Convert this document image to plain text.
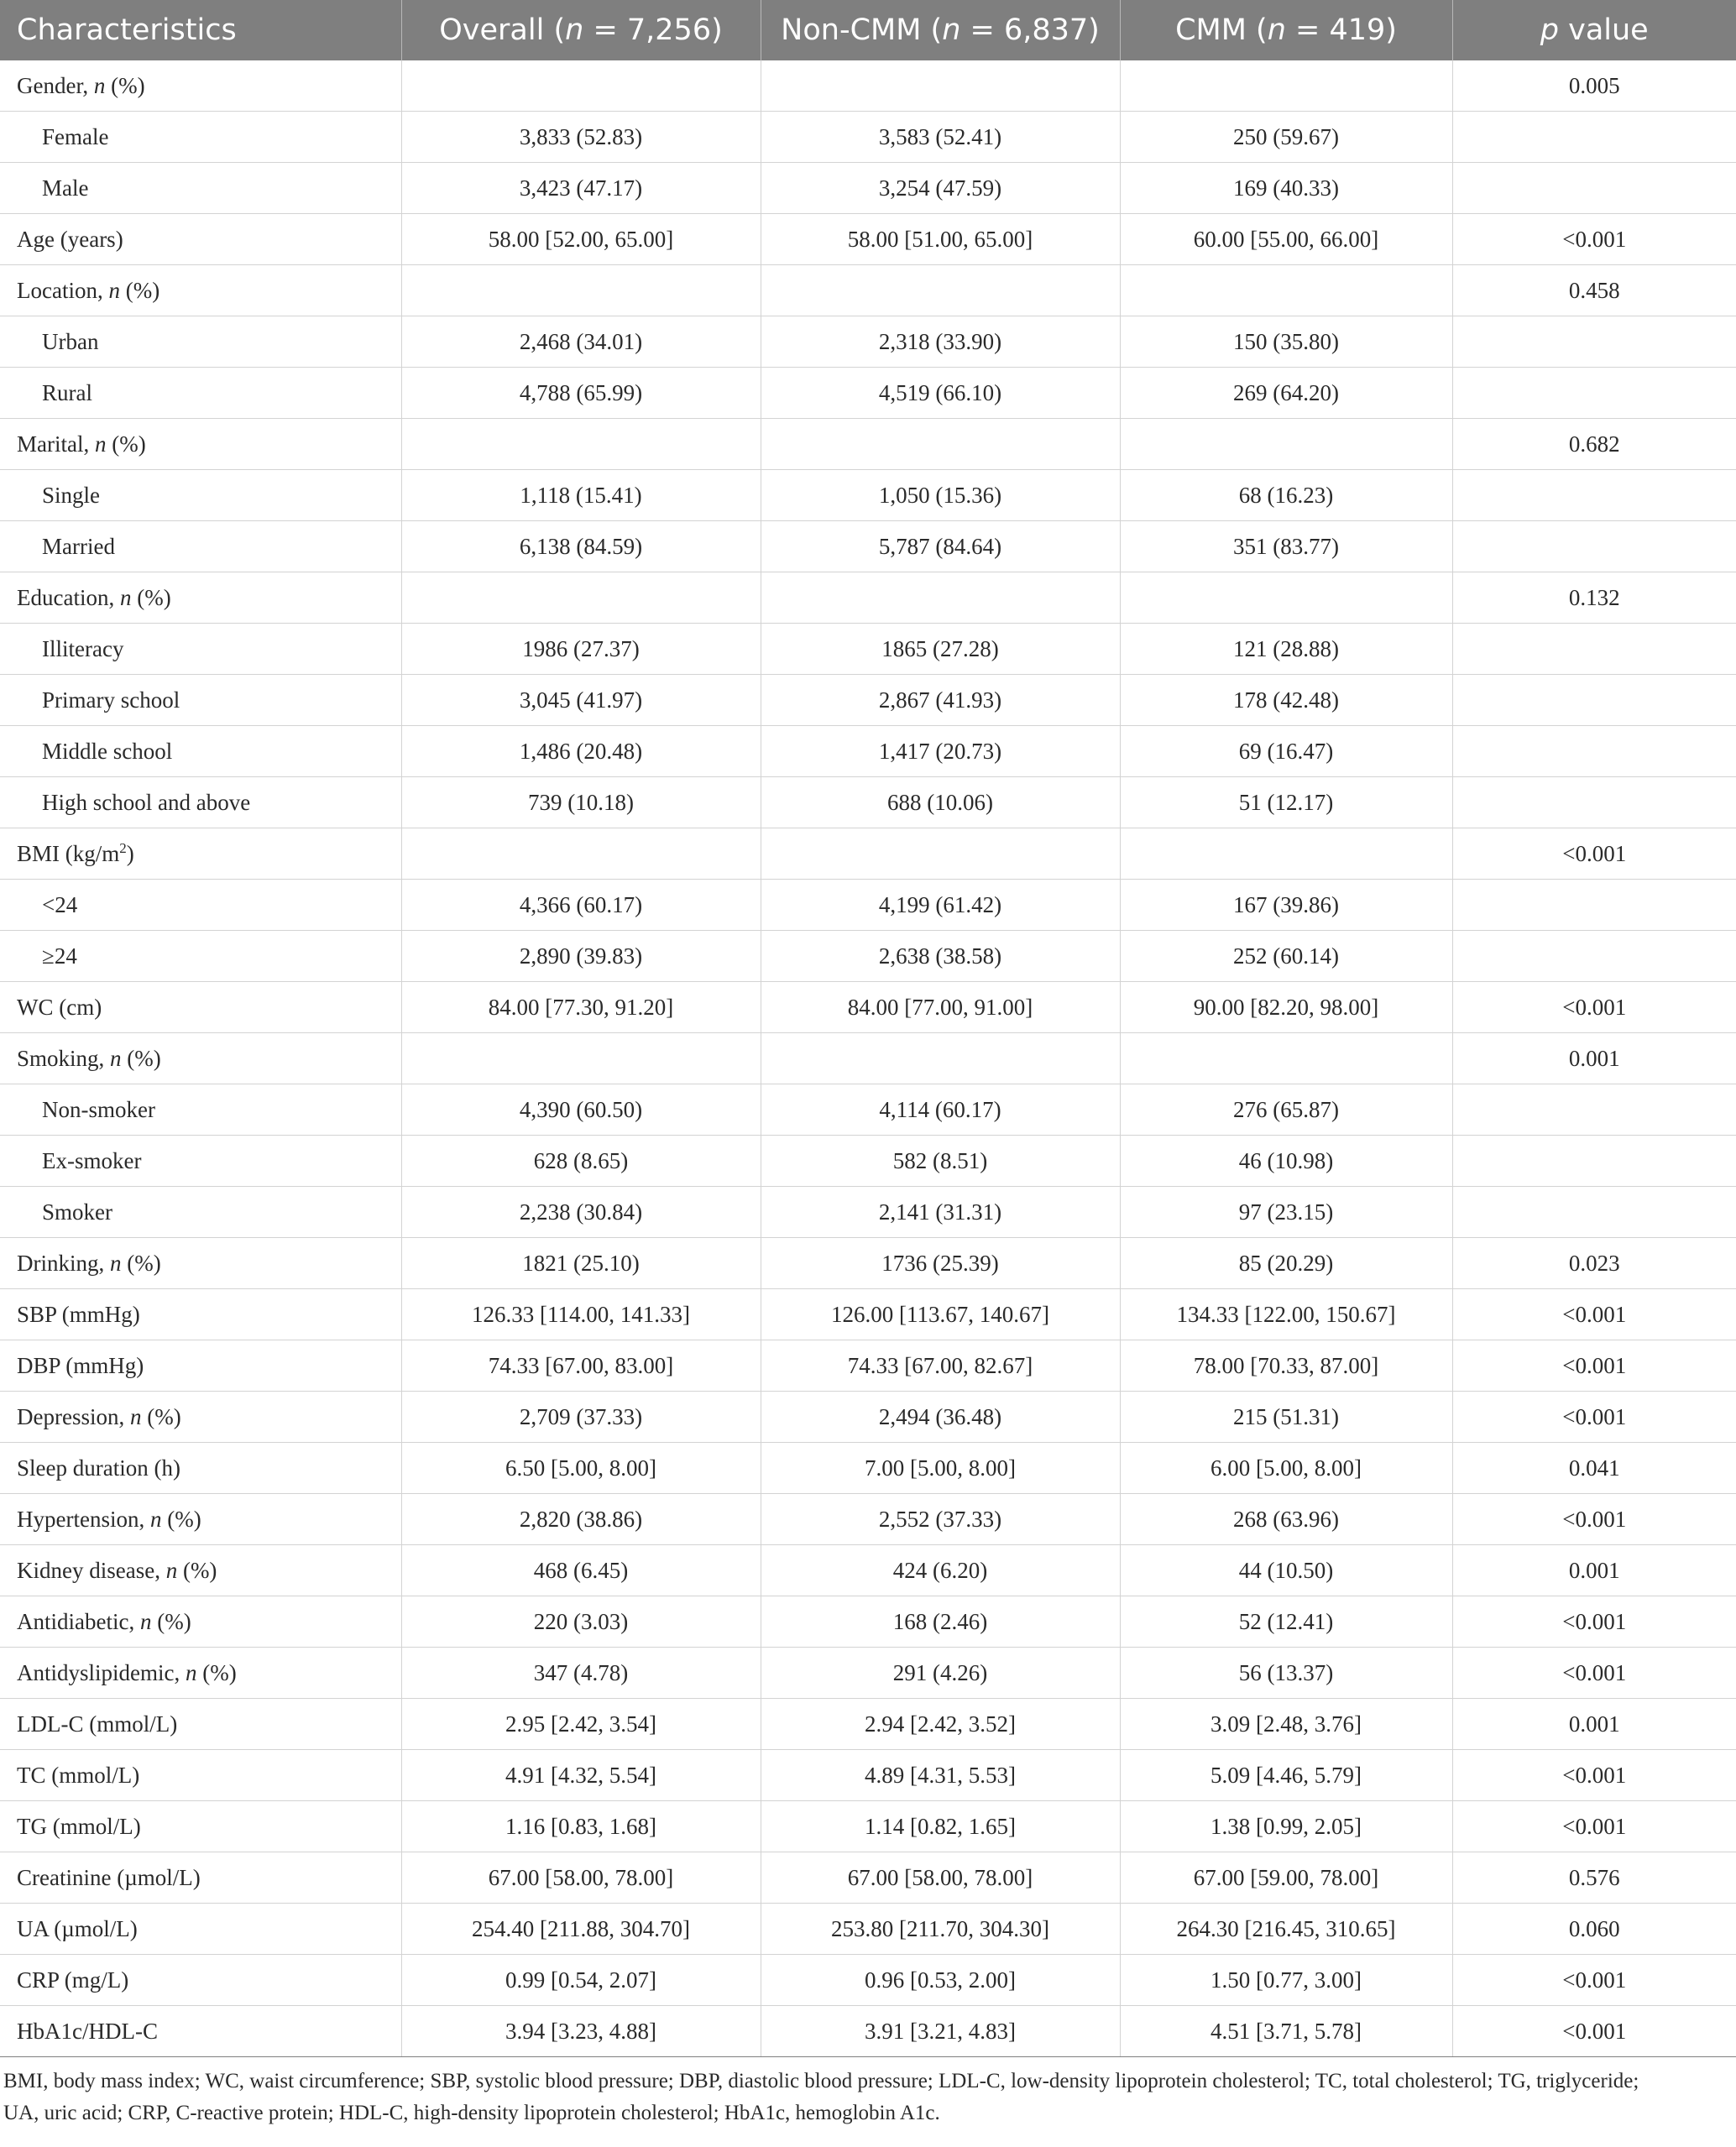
Characteristics	Overall (n = 7,256)	Non-CMM (n = 6,837)	CMM (n = 419)	p value
Gender, n (%)				0.005
Female	3,833 (52.83)	3,583 (52.41)	250 (59.67)	
Male	3,423 (47.17)	3,254 (47.59)	169 (40.33)	
Age (years)	58.00 [52.00, 65.00]	58.00 [51.00, 65.00]	60.00 [55.00, 66.00]	<0.001
Location, n (%)				0.458
Urban	2,468 (34.01)	2,318 (33.90)	150 (35.80)	
Rural	4,788 (65.99)	4,519 (66.10)	269 (64.20)	
Marital, n (%)				0.682
Single	1,118 (15.41)	1,050 (15.36)	68 (16.23)	
Married	6,138 (84.59)	5,787 (84.64)	351 (83.77)	
Education, n (%)				0.132
Illiteracy	1986 (27.37)	1865 (27.28)	121 (28.88)	
Primary school	3,045 (41.97)	2,867 (41.93)	178 (42.48)	
Middle school	1,486 (20.48)	1,417 (20.73)	69 (16.47)	
High school and above	739 (10.18)	688 (10.06)	51 (12.17)	
BMI $(kg/m^2)$				<0.001
<24	4,366 (60.17)	4,199 (61.42)	167 (39.86)	
≥24	2,890 (39.83)	2,638 (38.58)	252 (60.14)	
WC (cm)	84.00 [77.30, 91.20]	84.00 [77.00, 91.00]	90.00 [82.20, 98.00]	<0.001
Smoking, n (%)				0.001
Non-smoker	4,390 (60.50)	4,114 (60.17)	276 (65.87)	
Ex-smoker	628 (8.65)	582 (8.51)	46 (10.98)	
Smoker	2,238 (30.84)	2,141 (31.31)	97 (23.15)	
Drinking, n (%)	1821 (25.10)	1736 (25.39)	85 (20.29)	0.023
SBP (mmHg)	126.33 [114.00, 141.33]	126.00 [113.67, 140.67]	134.33 [122.00, 150.67]	<0.001
DBP (mmHg)	74.33 [67.00, 83.00]	74.33 [67.00, 82.67]	78.00 [70.33, 87.00]	<0.001
Depression, n (%)	2,709 (37.33)	2,494 (36.48)	215 (51.31)	<0.001
Sleep duration (h)	6.50 [5.00, 8.00]	7.00 [5.00, 8.00]	6.00 [5.00, 8.00]	0.041
Hypertension, n (%)	2,820 (38.86)	2,552 (37.33)	268 (63.96)	<0.001
Kidney disease, n (%)	468 (6.45)	424 (6.20)	44 (10.50)	0.001
Antidiabetic, n (%)	220 (3.03)	168 (2.46)	52 (12.41)	<0.001
Antidyslipidemic, n (%)	347 (4.78)	291 (4.26)	56 (13.37)	<0.001
LDL-C (mmol/L)	2.95 [2.42, 3.54]	2.94 [2.42, 3.52]	3.09 [2.48, 3.76]	0.001
TC (mmol/L)	4.91 [4.32, 5.54]	4.89 [4.31, 5.53]	5.09 [4.46, 5.79]	<0.001
TG (mmol/L)	1.16 [0.83, 1.68]	1.14 [0.82, 1.65]	1.38 [0.99, 2.05]	<0.001
Creatinine (µmol/L)	67.00 [58.00, 78.00]	67.00 [58.00, 78.00]	67.00 [59.00, 78.00]	0.576
UA (µmol/L)	254.40 [211.88, 304.70]	253.80 [211.70, 304.30]	264.30 [216.45, 310.65]	0.060
CRP (mg/L)	0.99 [0.54, 2.07]	0.96 [0.53, 2.00]	1.50 [0.77, 3.00]	<0.001
HbA1c/HDL-C	3.94 [3.23, 4.88]	3.91 [3.21, 4.83]	4.51 [3.71, 5.78]	<0.001
BMI, body mass index; WC, waist circumference; SBP, systolic blood pressure; DBP, diastolic blood pressure; LDL-C, low-density lipoprotein cholesterol; TC, total cholesterol; TG, triglyceride;
UA, uric acid; CRP, C-reactive protein; HDL-C, high-density lipoprotein cholesterol; HbA1c, hemoglobin A1c.
